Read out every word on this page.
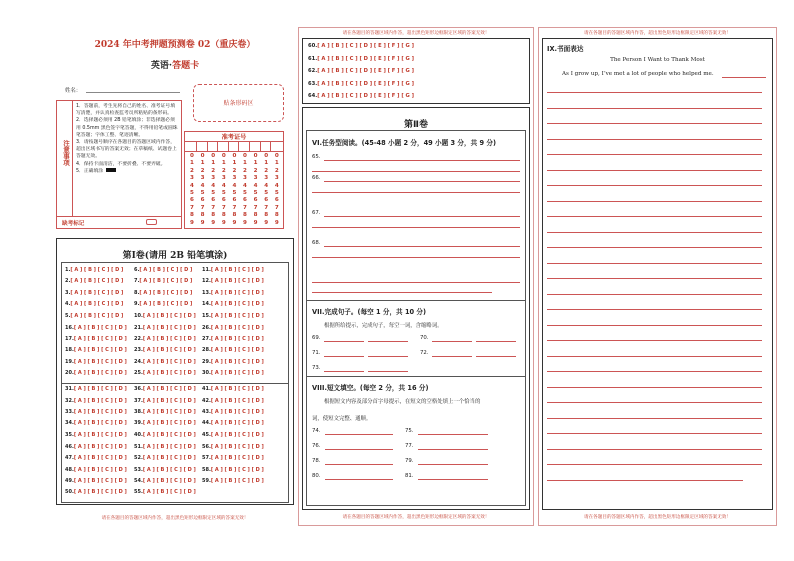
2024 年中考押题预测卷 02（重庆卷）
英语·答题卡
姓名：
贴条形码区
注意事项
1．答题前，考生先将自己的姓名、准考证号填写清楚，并认真检查监考员所粘贴的条形码。
2．选择题必须用 2B 铅笔填涂；非选择题必须用 0.5mm 黑色签字笔答题，不得用铅笔或圆珠笔答题；字体工整、笔迹清晰。
3．请按题号顺序在各题目的答题区域内作答，超出区域书写的答案无效；在草稿纸、试题卷上答题无效。
4．保持卡面清洁，不要折叠、不要弄破。
5．正确填涂
缺考标记
准考证号
0
1
2
3
4
5
6
7
8
9
0
1
2
3
4
5
6
7
8
9
0
1
2
3
4
5
6
7
8
9
0
1
2
3
4
5
6
7
8
9
0
1
2
3
4
5
6
7
8
9
0
1
2
3
4
5
6
7
8
9
0
1
2
3
4
5
6
7
8
9
0
1
2
3
4
5
6
7
8
9
0
1
2
3
4
5
6
7
8
9
第Ⅰ卷(请用 2B 铅笔填涂)
1.[ A ] [ B ] [ C ] [ D ]
2.[ A ] [ B ] [ C ] [ D ]
3.[ A ] [ B ] [ C ] [ D ]
4.[ A ] [ B ] [ C ] [ D ]
5.[ A ] [ B ] [ C ] [ D ]
16.[ A ] [ B ] [ C ] [ D ]
17.[ A ] [ B ] [ C ] [ D ]
18.[ A ] [ B ] [ C ] [ D ]
19.[ A ] [ B ] [ C ] [ D ]
20.[ A ] [ B ] [ C ] [ D ]
31.[ A ] [ B ] [ C ] [ D ]
32.[ A ] [ B ] [ C ] [ D ]
33.[ A ] [ B ] [ C ] [ D ]
34.[ A ] [ B ] [ C ] [ D ]
35.[ A ] [ B ] [ C ] [ D ]
46.[ A ] [ B ] [ C ] [ D ]
47.[ A ] [ B ] [ C ] [ D ]
48.[ A ] [ B ] [ C ] [ D ]
49.[ A ] [ B ] [ C ] [ D ]
50.[ A ] [ B ] [ C ] [ D ]
6.[ A ] [ B ] [ C ] [ D ]
7.[ A ] [ B ] [ C ] [ D ]
8.[ A ] [ B ] [ C ] [ D ]
9.[ A ] [ B ] [ C ] [ D ]
10.[ A ] [ B ] [ C ] [ D ]
21.[ A ] [ B ] [ C ] [ D ]
22.[ A ] [ B ] [ C ] [ D ]
23.[ A ] [ B ] [ C ] [ D ]
24.[ A ] [ B ] [ C ] [ D ]
25.[ A ] [ B ] [ C ] [ D ]
36.[ A ] [ B ] [ C ] [ D ]
37.[ A ] [ B ] [ C ] [ D ]
38.[ A ] [ B ] [ C ] [ D ]
39.[ A ] [ B ] [ C ] [ D ]
40.[ A ] [ B ] [ C ] [ D ]
51.[ A ] [ B ] [ C ] [ D ]
52.[ A ] [ B ] [ C ] [ D ]
53.[ A ] [ B ] [ C ] [ D ]
54.[ A ] [ B ] [ C ] [ D ]
55.[ A ] [ B ] [ C ] [ D ]
11.[ A ] [ B ] [ C ] [ D ]
12.[ A ] [ B ] [ C ] [ D ]
13.[ A ] [ B ] [ C ] [ D ]
14.[ A ] [ B ] [ C ] [ D ]
15.[ A ] [ B ] [ C ] [ D ]
26.[ A ] [ B ] [ C ] [ D ]
27.[ A ] [ B ] [ C ] [ D ]
28.[ A ] [ B ] [ C ] [ D ]
29.[ A ] [ B ] [ C ] [ D ]
30.[ A ] [ B ] [ C ] [ D ]
41.[ A ] [ B ] [ C ] [ D ]
42.[ A ] [ B ] [ C ] [ D ]
43.[ A ] [ B ] [ C ] [ D ]
44.[ A ] [ B ] [ C ] [ D ]
45.[ A ] [ B ] [ C ] [ D ]
56.[ A ] [ B ] [ C ] [ D ]
57.[ A ] [ B ] [ C ] [ D ]
58.[ A ] [ B ] [ C ] [ D ]
59.[ A ] [ B ] [ C ] [ D ]
请在各题目的答题区域内作答，超出黑色矩形边框限定区域的答案无效！
请在各题目的答题区域内作答，超出黑色矩形边框限定区域的答案无效！
请在各题目的答题区域内作答，超出黑色矩形边框限定区域的答案无效！
60.[ A ] [ B ] [ C ] [ D ] [ E ] [ F ] [ G ]
61.[ A ] [ B ] [ C ] [ D ] [ E ] [ F ] [ G ]
62.[ A ] [ B ] [ C ] [ D ] [ E ] [ F ] [ G ]
63.[ A ] [ B ] [ C ] [ D ] [ E ] [ F ] [ G ]
64.[ A ] [ B ] [ C ] [ D ] [ E ] [ F ] [ G ]
第Ⅱ卷
VI.任务型阅读。(45-48 小题 2 分，49 小题 3 分，共 9 分)
65.
66.
67.
68.
VII.完成句子。(每空 1 分，共 10 分)
根据所给提示，完成句子，每空一词，含缩略词。
69.	70.
71.	72.
73.
VIII.短文填空。(每空 2 分，共 16 分)
根据短文内容及部分首字母提示，在短文的空格处填上一个恰当的
词，使短文完整、通顺。
74.	75.
76.	77.
78.	79.
80.	81.
请在各题目的答题区域内作答，超出黑色矩形边框限定区域的答案无效！
请在各题目的答题区域内作答，超出黑色矩形边框限定区域的答案无效！
IX.书面表达
The Person I Want to Thank Most
As I grow up, I’ve met a lot of people who helped me.
